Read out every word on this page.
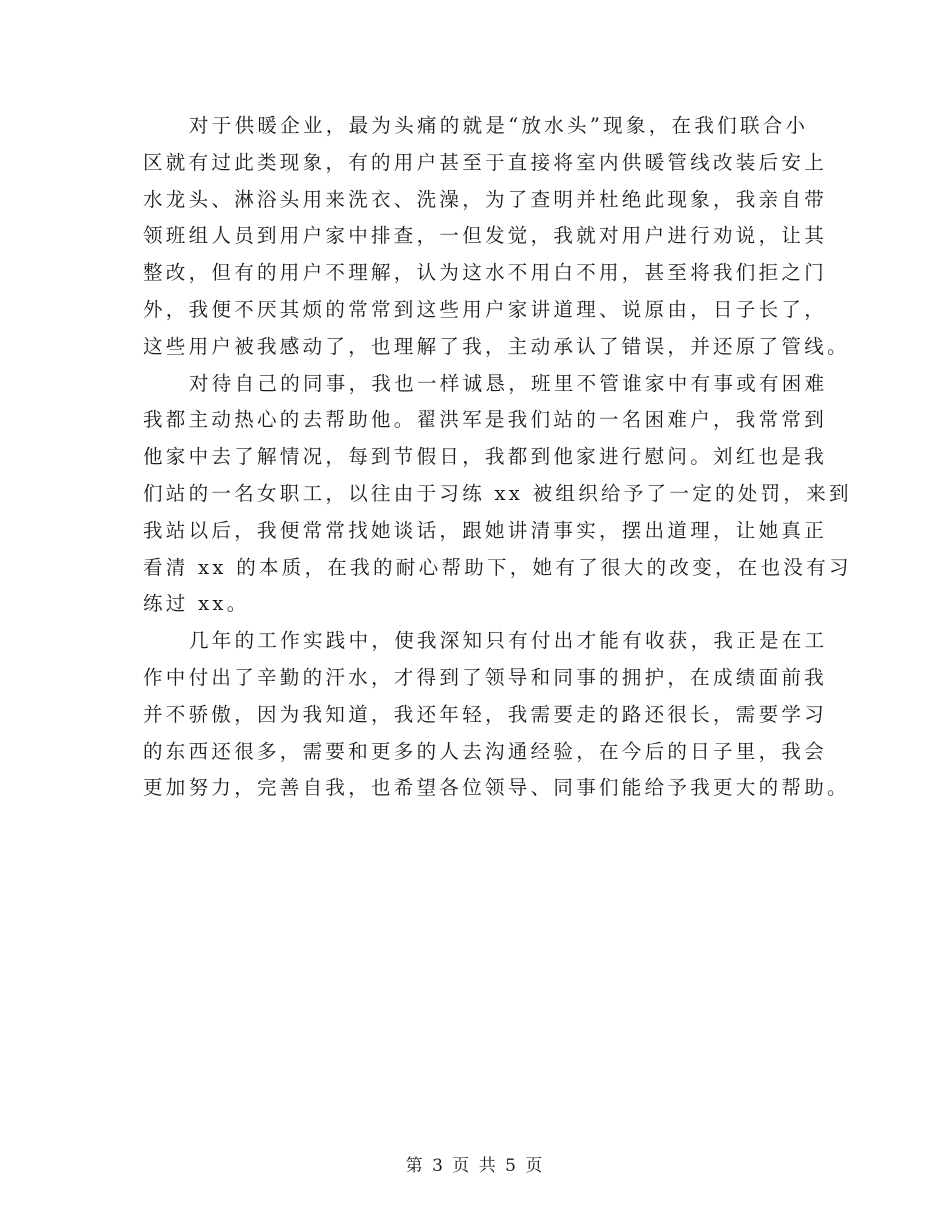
对于供暖企业，最为头痛的就是“放水头”现象，在我们联合小
区就有过此类现象，有的用户甚至于直接将室内供暖管线改装后安上
水龙头、淋浴头用来洗衣、洗澡，为了查明并杜绝此现象，我亲自带
领班组人员到用户家中排查，一但发觉，我就对用户进行劝说，让其
整改，但有的用户不理解，认为这水不用白不用，甚至将我们拒之门
外，我便不厌其烦的常常到这些用户家讲道理、说原由，日子长了，
这些用户被我感动了，也理解了我，主动承认了错误，并还原了管线。
对待自己的同事，我也一样诚恳，班里不管谁家中有事或有困难
我都主动热心的去帮助他。翟洪军是我们站的一名困难户，我常常到
他家中去了解情况，每到节假日，我都到他家进行慰问。刘红也是我
们站的一名女职工，以往由于习练 xx 被组织给予了一定的处罚，来到
我站以后，我便常常找她谈话，跟她讲清事实，摆出道理，让她真正
看清 xx 的本质，在我的耐心帮助下，她有了很大的改变，在也没有习
练过 xx。
几年的工作实践中，使我深知只有付出才能有收获，我正是在工
作中付出了辛勤的汗水，才得到了领导和同事的拥护，在成绩面前我
并不骄傲，因为我知道，我还年轻，我需要走的路还很长，需要学习
的东西还很多，需要和更多的人去沟通经验，在今后的日子里，我会
更加努力，完善自我，也希望各位领导、同事们能给予我更大的帮助。
第 3 页 共 5 页
